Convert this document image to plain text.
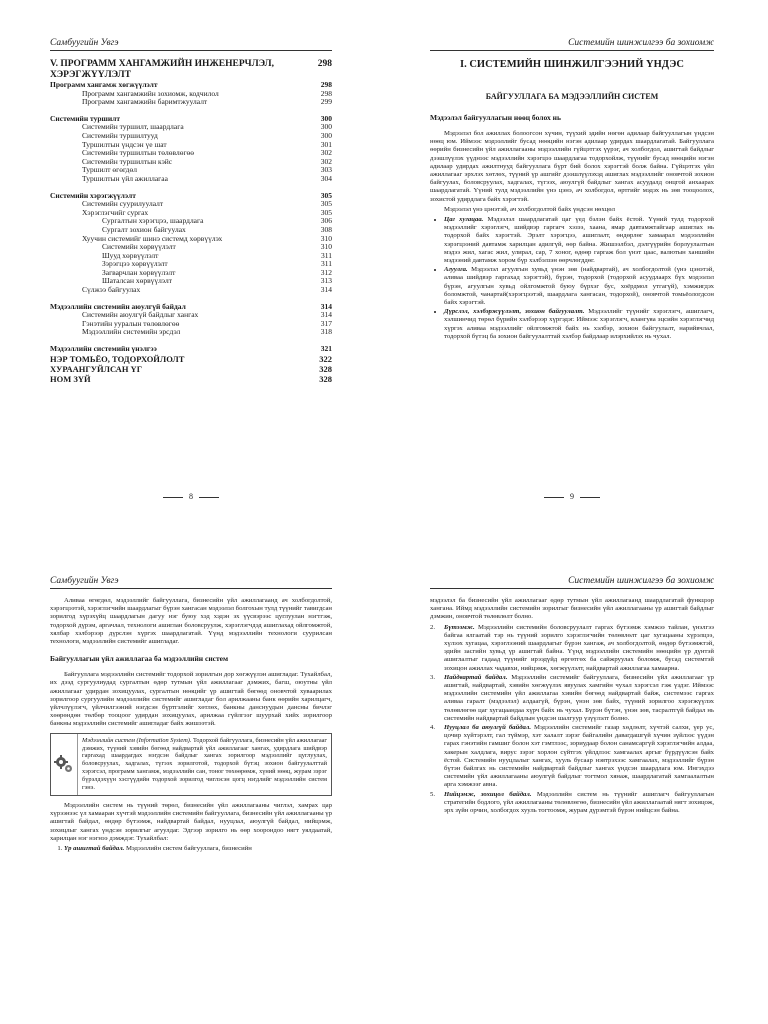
Самбуугийн Увгэ
V. ПРОГРАММ ХАНГАМЖИЙН ИНЖЕНЕРЧЛЭЛ, ХЭРЭГЖҮҮЛЭЛТ
298
Программ хангамж хөгжүүлэлт	298
Программ хангамжийн зохиомж, кодчилол	298
Программ хангамжийн баримтжуулалт	299
Системийн туршилт	300
Системийн туршилт, шаардлага	300
Системийн туршилтууд	300
Туршилтын үндсэн үе шат	301
Системийн туршилтын төлөвлөгөө	302
Системийн туршилтын кэйс	302
Туршилт өгөгдөл	303
Туршилтын үйл ажиллагаа	304
Системийн хэрэгжүүлэлт	305
Системийн суурилуулалт	305
Хэрэглэгчийг сургах	305
Сургалтын хэрэгцээ, шаардлага	306
Сургалт зохион байгуулах	308
Хуучин системийг шинэ системд хөрвүүлэх	310
Системийн хөрвүүлэлт	310
Шууд хөрвүүлэлт	311
Зэрэгцээ хөрвүүлэлт	311
Загварчлан хөрвүүлэлт	312
Шаталсан хөрвүүлэлт	313
Сүлжээ байгуулах	314
Мэдээллийн системийн аюулгүй байдал	314
Системийн аюулгүй байдлыг хангах	314
Гэнэтийн ууралын төлөвлөгөө	317
Мэдээллийн системийн эрсдэл	318
Мэдээллийн системийн үнэлгээ	321
НЭР ТОМЬЁО, ТОДОРХОЙЛОЛТ	322
ХУРААНГУЙЛСАН ҮГ	328
НОМ ЗҮЙ	328
8
Системийн шинжилгээ ба зохиомж
I. СИСТЕМИЙН ШИНЖИЛГЭЭНИЙ ҮНДЭС
БАЙГУУЛЛАГА БА МЭДЭЭЛЛИЙН СИСТЕМ
Мэдээлэл байгууллагын нөөц болох нь

Мэдээлэл бол ажиллах болоогсон хүчин, түүхий эдийн нөгөн адилаар байгууллагын үндсэн нөөц юм. Иймээс мэдээллийг бусад нөөцийн нэгэн адилаар удирдах шаардлагатай. Байгууллага өөрийн бизнесийн үйл ажиллагааны мэдээллийн гүйцэтгэх үүрэг, ач холбогдол, ашигтай байдлыг дээшлүүлэх үүднээс мэдээллийн хэрэгцээ шаардлагаа тодорхойлж, түүнийг бусад нөөцийн нэгэн адилаар удирдах ажилтнууд байгууллага бүрт бий болох хэрэгтэй болж байна. Гүйцэтгэх үйл ажиллагааг эрхлэх хөтлөх, түүний үр ашгийг дээшлүүлэхэд ашиглах мэдээллийг оновчтой зохион байгуулах, боловсруулах, хадгалах, түгээх, аюулгүй байдлыг хангах асуудалд онцгой анхаарах шаардлагатай. Үүний тулд мэдээллийн үнэ цэнэ, ач холбогдол, өртгийг мэдэх нь зөв тооцоолох, зохистой удирдлага байх хэрэгтэй.

Мэдээлэл үнэ цэнэтэй, ач холбогдолтой байх үндсэн нөхцөл

• Цаг хугацаа. Мэдээлэл шаардлагатай цаг үед бэлэн байх ёстой. Үүний тулд тодорхой мэдээллийг хэрэглэгч, шийдвэр гаргагч хэзээ, хаана, ямар давтамжтайгаар ашиглах нь тодорхой байх хэрэгтэй. Эрэлт хэрэгцээ, ашиглалт, өндөрлөг хамаарал мэдээллийн хэрэгцээний давтамж харилцан адилгүй, өөр байна. Жишээлбэл, дэлгүүрийн борлуулалтын мэдээ жил, хагас жил, улирал, сар, 7 хоног, өдөөр гаргаж бол үнэт цаас, валютын ханшийн мэдээний давтамж хором бүр хэлбэлзэн өөрчлөгддөг.
• Агуулга. Мэдээлэл агуулгын хувьд үнэн зөв (найдвартай), ач холбогдолтой (үнэ цэнэтэй, аливаа шийдвэр гаргахад хэрэгтэй), бүрэн, тодорхой (тодорхой асуудлаарх бүх мэдээлэл бүрэн, агуулгын хувьд ойлгомжтой буюу бүрхэг бус, хоёрдмол утгагүй), хэмжигдэх боломжтой, чанартай(хэрэгцээтэй, шаардлага хангасан, тодорхой), оновчтой томьёологдсон байх хэрэгтэй.
• Дүрслэл, хэлбэржүүлэлт, зохион байгуулалт. Мэдээллийг түүнийг хэрэглэгч, ашиглагч, хэлшинчид төрөл бүрийн хэлбэрээр хүргэдэг. Иймээс хэрэглэгч, ялангуяа эцсийн хэрэглэгчид хүргэх аливаа мэдээллийг ойлгомжтой байх нь хэлбэр, зохион байгуулалт, нарийвчлал, тодорхой бүтэц ба зохион байгуулалттай хэлбэр байдлаар илэрхийлэх нь чухал.
9
Самбуугийн Увгэ

Аливаа өгөгдөл, мэдээллийг байгууллага, бизнесийн үйл ажиллагаанд ач холбогдолтой, хэрэгцээтэй, хэрэглэгчийн шаардлагыг бүрэн хангасан мэдээлэл болгохын тулд түүнийг тавигдсан зорилгод хүрэхүйц шаардлагын дагуу нэг буюу хэд хэдэн эх үүсвэрээс цуглуулан нэгтгэж, тодорхой дүрэм, аргачлал, технологи ашиглан боловсруулж, хэрэглэгчдэд ашиглахад ойлгомжтой, хялбар хэлбэрээр дүрслэн хүргэх шаардлагатай. Үүнд мэдээллийн технологи суурилсан технологи, мэдээллийн системийг ашигладаг.

Байгууллагын үйл ажиллагаа ба мэдээллийн систем

Байгууллага мэдээллийн системийг тодорхой зорилгын дор хөгжүүлэн ашигладаг. Тухайлбал, их дээд сургуулиудад сургалтын өдөр тутмын үйл ажиллагааг дэмжих, багш, оюутны үйл ажиллагааг удирдан зохицуулах, сургалтын нөөцийг үр ашигтай бөгөөд оновчтой хуваарилах зорилгоор сургуулийн мэдээллийн системийг ашигладаг бол арилжааны банк өөрийн харилцагч, үйлчлүүлэгч, үйлчилгээний нэгдсэн бүртгэлийг хөтлөх, банкны данснуудын дансны бичлэг хөөрөндөн төлбөр тооцоог удирдан зохицуулах, арилжаа гүйлгээг шуурхай хийх зорилгоор банкны мэдээллийн системийг ашигладаг байх жишээтэй.

Мэдээллийн систем (Information System). Тодорхой байгууллага, бизнесийн үйл ажиллагааг дэмжих, түүний хэвийн бөгөөд найдвартай үйл ажиллагааг хангах, удирдлага шийдвэр гаргахад шаардагдах нэгдсэн байдлыг хангах зорилгоор мэдээллийг цуглуулах, боловсруулах, хадгалах, түгээх зорилготой, тодорхой бүтэц зохион байгуулалттай хэрэгсэл, программ хангамж, мэдээллийн сан, тоног төхөөрөмж, хүний нөөц, журам зэрэг бүрэлдэхүүн хэсгүүдийн тодорхой зорилгод чиглэсэн цогц нэгдлийг мэдээллийн систем гэнэ.

Мэдээллийн систем нь түүний төрөл, бизнесийн үйл ажиллагааны чиглэл, хамрах цар хүрээнээс үл хамааран хүчтэй мэдээллийн системийн байгууллага, бизнесийн үйл ажиллагааны үр ашигтай байдал, өндөр бүтээмж, найдвартай байдал, нууцлал, аюулгүй байдал, нийцэмж, зохицлыг хангах үндсэн зорилгыг агуулдаг. Эдгээр зорилго нь өөр хоорондоо нягт уялдаатай, харилцан нэг нэгнээ дэмждэг. Тухайлбал:

1. Үр ашигтай байдал. Мэдээллийн систем байгууллага, бизнесийн
Системийн шинжилгээ ба зохиомж

мэдээлэл ба бизнесийн үйл ажиллагааг өдөр тутмын үйл ажиллагаанд шаардлагатай функцээр хангана. Иймд мэдээллийн системийн зорилгыг бизнесийн үйл ажиллагааны үр ашигтай байдлыг дэмжин, оновчтой төлөвлөлт болно.

2.	Бүтээмж. Мэдээллийн системийн боловсруулалт гаргах бүтээмж хэмжээ тайлан, үнэлгээ байгаа ялгаатай тэр нь түүний зорилго хэрэглэгчийн төлөвлөлт цаг хугацааны хүрэлцээ, хүлээх хугацаа, хэрэглээний шаардлагыг бүрэн хангаж, ач холбогдолтой, өндөр бүтээмжтэй, эдийн засгийн хувьд үр ашигтай байна. Үүнд мэдээллийн системийн нөөцийн үр дүнтэй ашиглалтыг гадаад түүнийг ирээдүйд өргөтгөх ба сайжруулах боломж, бусад системтэй зохицон ажиллах чадавхи, нийцэмж, хөгжүүлэлт, найдвартай ажиллагаа хамаарна.
3.	Найдвартай байдал. Мэдээллийн системийг байгууллага, бизнесийн үйл ажиллагааг үр ашигтай, найдвартай, хэвийн хөгжүүлэх явуулах хамгийн чухал хэрэгсэл гэж үздэг. Иймээс мэдээллийн системийн үйл ажиллагаа хэвийн бөгөөд найдвартай байж, системээс гаргах аливаа гаралт (мэдээлэл) алдаагүй, бүрэн, үнэн зөв байх, түүний зорилгоо хэрэгжүүлэх төлөвлөгөө цаг хугацаандаа хүрч байх нь чухал. Бүрэн бүтэн, үнэн зөв, тасралтгүй байдал нь системийн найдвартай байдлын үндсэн шалгуур үзүүлэлт болно.
4.	Нууцлал ба аюулгүй байдал. Мэдээллийн системийг газар хөдлөлт, хүчтэй салхи, үер ус, цочир хүйтэрэлт, гал түймэр, хэт халалт зэрэг байгалийн давагдашгүй хүчин зүйлээс үүдэн гарах гэнэтийн гамшиг болон хэт гэмтлээс, зориудаар болон санамсаргүй хэрэглэгчийн алдаа, хакерын халдлага, вирус зэрэг хорлон сүйтгэх үйлдлээс хамгаалах аргыг бүрдүүлсэн байх ёстой. Системийн нууцлалыг хангах, хууль бусаар нэвтрэхээс хамгаалах, мэдээллийг бүрэн бүтэн байлгах нь системийн найдвартай байдлыг хангах үндсэн шаардлага юм. Ингэхдээ системийн үйл ажиллагааны аюулгүй байдлыг тогтмол хянаж, шаардлагатай хамгаалалтын арга хэмжээг авна.
5.	Нийцэмж, зохицол байдал. Мэдээллийн систем нь түүнийг ашиглагч байгууллагын стратегийн бодлого, үйл ажиллагааны төлөвлөгөө, бизнесийн үйл ажиллагаатай нягт зохицож, эрх зүйн орчин, холбогдох хууль тогтоомж, журам дүрэмтэй бүрэн нийцсэн байна.
